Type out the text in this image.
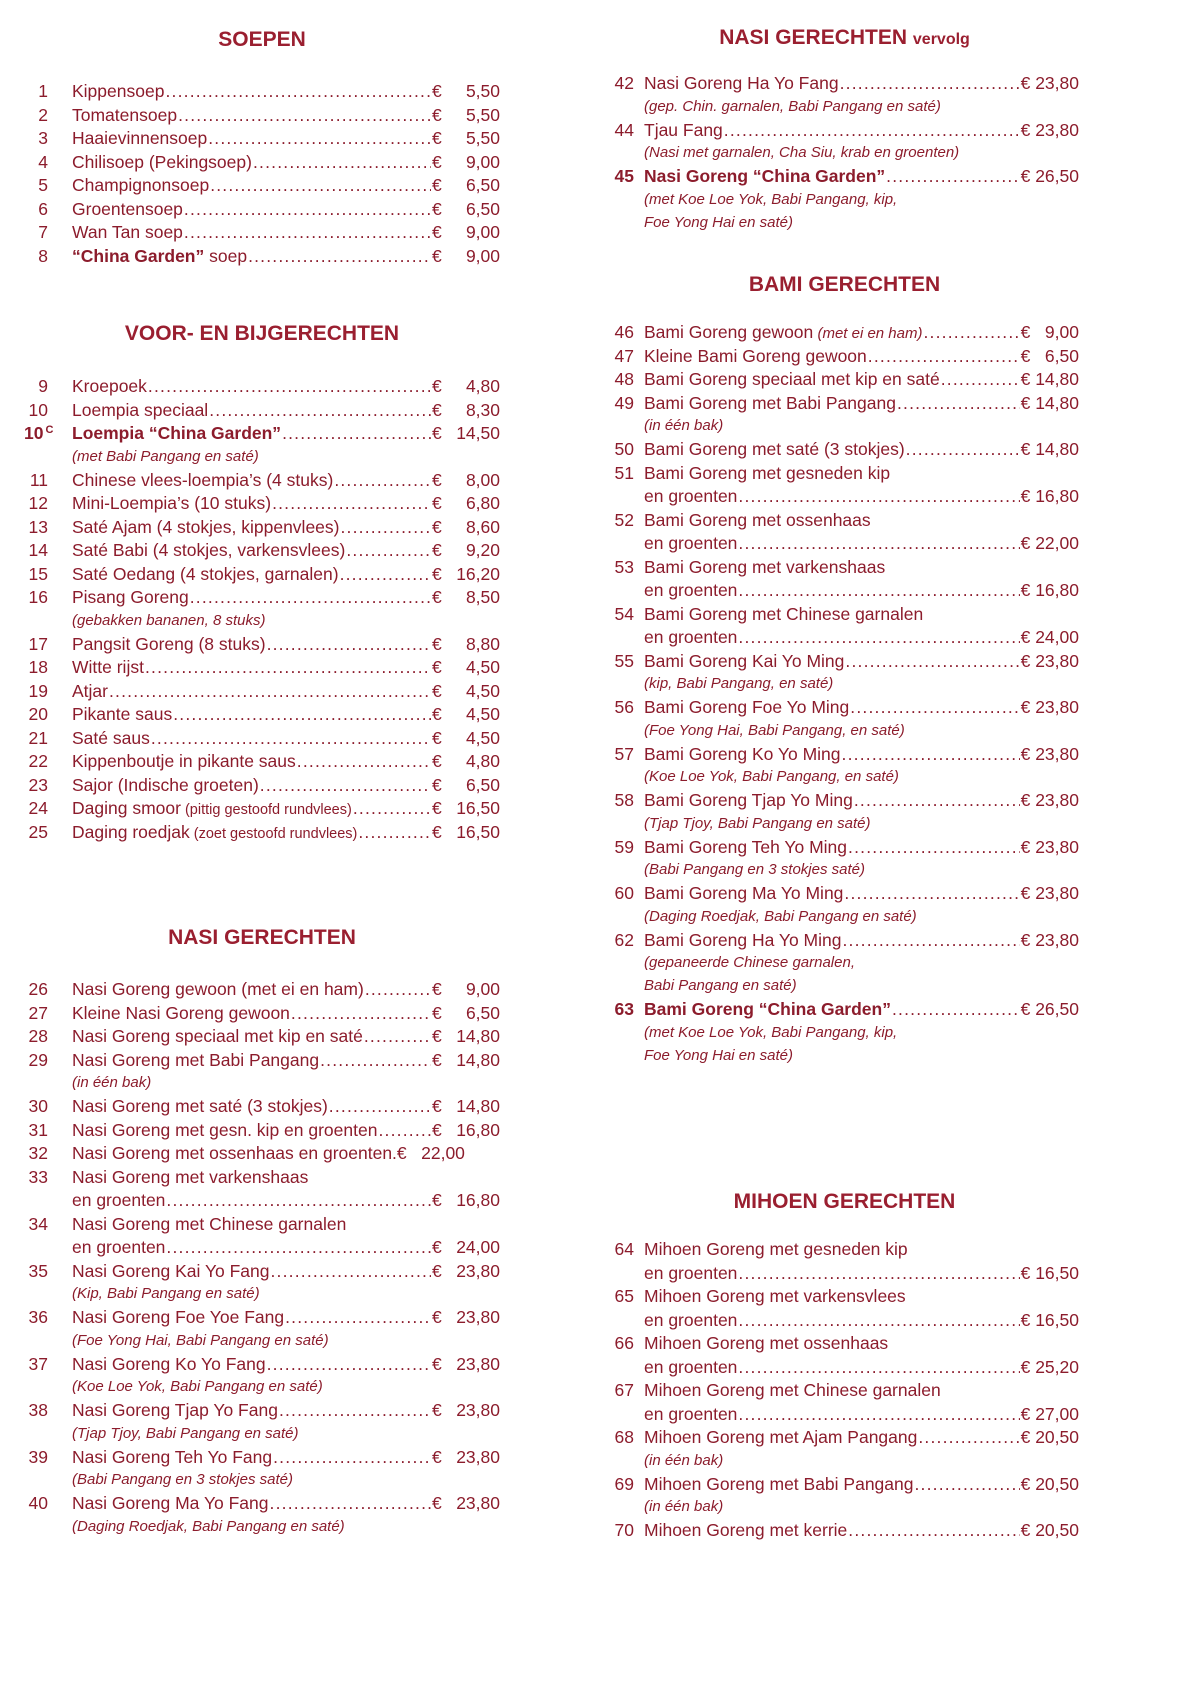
SOEPEN
1 Kippensoep .....	€ 5,50
2 Tomatensoep .....	€ 5,50
3 Haaievinnensoep .....	€ 5,50
4 Chilisoep (Pekingsoep) .....	€ 9,00
5 Champignonsoep .....	€ 6,50
6 Groentensoep .....	€ 6,50
7 Wan Tan soep .....	€ 9,00
8 “China Garden” soep .....	€ 9,00
VOOR- EN BIJGERECHTEN
9 Kroepoek .....	€ 4,80
10 Loempia speciaal .....	€ 8,30
10 $^C$ Loempia “China Garden” .....	€ 14,50
(met Babi Pangang en saté)
11 Chinese vlees-loempia’s (4 stuks) .....	€ 8,00
12 Mini-Loempia’s (10 stuks) .....	€ 6,80
13 Saté Ajam (4 stokjes, kippenvlees) .....	€ 8,60
14 Saté Babi (4 stokjes, varkensvlees) .....	€ 9,20
15 Saté Oedang (4 stokjes, garnalen) .....	€ 16,20
16 Pisang Goreng .....	€ 8,50
(gebakken bananen, 8 stuks)
17 Pangsit Goreng (8 stuks) .....	€ 8,80
18 Witte rijst .....	€ 4,50
19 Atjar .....	€ 4,50
20 Pikante saus .....	€ 4,50
21 Saté saus .....	€ 4,50
22 Kippenboutje in pikante saus .....	€ 4,80
23 Sajor (Indische groeten) .....	€ 6,50
24 Daging smoor (pittig gestoofd rundvlees) .....	€ 16,50
25 Daging roedjak (zoet gestoofd rundvlees) .....	€ 16,50
NASI GERECHTEN
26 Nasi Goreng gewoon (met ei en ham) .....	€ 9,00
27 Kleine Nasi Goreng gewoon .....	€ 6,50
28 Nasi Goreng speciaal met kip en saté .....	€ 14,80
29 Nasi Goreng met Babi Pangang .....	€ 14,80
(in één bak)
30 Nasi Goreng met saté (3 stokjes) .....	€ 14,80
31 Nasi Goreng met gesn. kip en groenten .....	€ 16,80
32 Nasi Goreng met ossenhaas en groenten. € 22,00
33 Nasi Goreng met varkenshaas
en groenten .....	€ 16,80
34 Nasi Goreng met Chinese garnalen
en groenten .....	€ 24,00
35 Nasi Goreng Kai Yo Fang .....	€ 23,80
(Kip, Babi Pangang en saté)
36 Nasi Goreng Foe Yoe Fang .....	€ 23,80
(Foe Yong Hai, Babi Pangang en saté)
37 Nasi Goreng Ko Yo Fang .....	€ 23,80
(Koe Loe Yok, Babi Pangang en saté)
38 Nasi Goreng Tjap Yo Fang .....	€ 23,80
(Tjap Tjoy, Babi Pangang en saté)
39 Nasi Goreng Teh Yo Fang .....	€ 23,80
(Babi Pangang en 3 stokjes saté)
40 Nasi Goreng Ma Yo Fang .....	€ 23,80
(Daging Roedjak, Babi Pangang en saté)
NASI GERECHTEN vervolg
42 Nasi Goreng Ha Yo Fang .....	€ 23,80
(gep. Chin. garnalen, Babi Pangang en saté)
44 Tjau Fang .....	€ 23,80
(Nasi met garnalen, Cha Siu, krab en groenten)
45 Nasi Goreng “China Garden” .....	€ 26,50
(met Koe Loe Yok, Babi Pangang, kip,
Foe Yong Hai en saté)
BAMI GERECHTEN
46 Bami Goreng gewoon (met ei en ham) .....	€   9,00
47 Kleine Bami Goreng gewoon .....	€   6,50
48 Bami Goreng speciaal met kip en saté .....	€ 14,80
49 Bami Goreng met Babi Pangang .....	€ 14,80
(in één bak)
50 Bami Goreng met saté (3 stokjes) .....	€ 14,80
51 Bami Goreng met gesneden kip
en groenten .....	€ 16,80
52 Bami Goreng met ossenhaas
en groenten .....	€ 22,00
53 Bami Goreng met varkenshaas
en groenten .....	€ 16,80
54 Bami Goreng met Chinese garnalen
en groenten .....	€ 24,00
55 Bami Goreng Kai Yo Ming .....	€ 23,80
(kip, Babi Pangang, en saté)
56 Bami Goreng Foe Yo Ming .....	€ 23,80
(Foe Yong Hai, Babi Pangang, en saté)
57 Bami Goreng Ko Yo Ming .....	€ 23,80
(Koe Loe Yok, Babi Pangang, en saté)
58 Bami Goreng Tjap Yo Ming .....	€ 23,80
(Tjap Tjoy, Babi Pangang en saté)
59 Bami Goreng Teh Yo Ming .....	€ 23,80
(Babi Pangang en 3 stokjes saté)
60 Bami Goreng Ma Yo Ming .....	€ 23,80
(Daging Roedjak, Babi Pangang en saté)
62 Bami Goreng Ha Yo Ming .....	€ 23,80
(gepaneerde Chinese garnalen,
Babi Pangang en saté)
63 Bami Goreng “China Garden” .....	€ 26,50
(met Koe Loe Yok, Babi Pangang, kip,
Foe Yong Hai en saté)
MIHOEN GERECHTEN
64 Mihoen Goreng met gesneden kip
en groenten .....	€ 16,50
65 Mihoen Goreng met varkensvlees
en groenten .....	€ 16,50
66 Mihoen Goreng met ossenhaas
en groenten .....	€ 25,20
67 Mihoen Goreng met Chinese garnalen
en groenten .....	€ 27,00
68 Mihoen Goreng met Ajam Pangang .....	€ 20,50
(in één bak)
69 Mihoen Goreng met Babi Pangang .....	€ 20,50
(in één bak)
70 Mihoen Goreng met kerrie .....	€ 20,50
